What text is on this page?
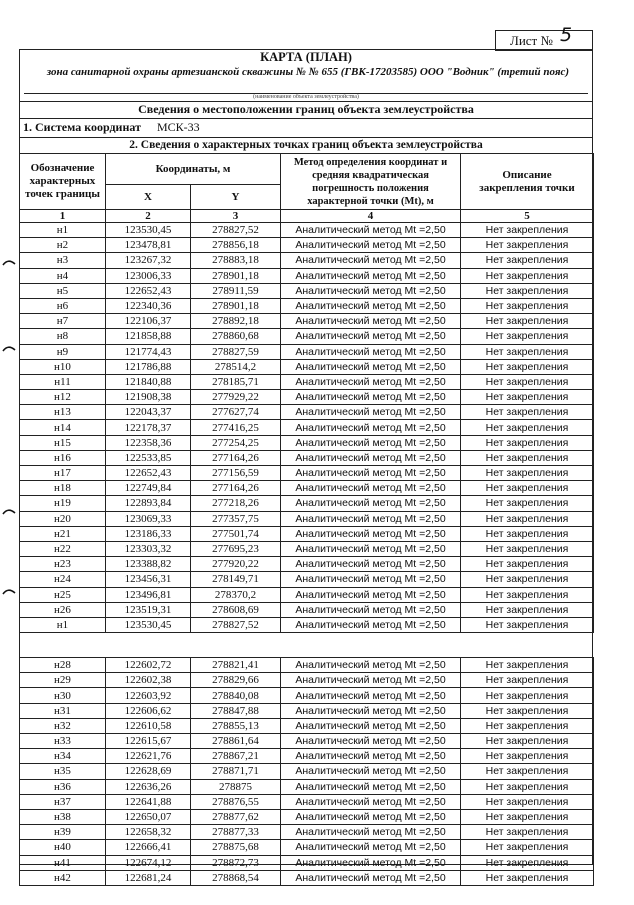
Лист № 5
КАРТА (ПЛАН)
зона санитарной охраны артезианской скважины № № 655 (ГВК-17203585) ООО "Водник" (третий пояс)
(наименование объекта землеустройства)
Сведения о местоположении границ объекта землеустройства
1. Система координат МСК-33
2. Сведения о характерных точках границ объекта землеустройства
Обозначение характерных точек границы	Координаты, м		Метод определения координат и средняя квадратическая погрешность положения характерной точки (Mt), м	Описание закрепления точки
	X	Y		
1	2	3	4	5
н1	123530,45	278827,52	Аналитический метод Mt =2,50	Нет закрепления
н2	123478,81	278856,18	Аналитический метод Mt =2,50	Нет закрепления
н3	123267,32	278883,18	Аналитический метод Mt =2,50	Нет закрепления
н4	123006,33	278901,18	Аналитический метод Mt =2,50	Нет закрепления
н5	122652,43	278911,59	Аналитический метод Mt =2,50	Нет закрепления
н6	122340,36	278901,18	Аналитический метод Mt =2,50	Нет закрепления
н7	122106,37	278892,18	Аналитический метод Mt =2,50	Нет закрепления
н8	121858,88	278860,68	Аналитический метод Mt =2,50	Нет закрепления
н9	121774,43	278827,59	Аналитический метод Mt =2,50	Нет закрепления
н10	121786,88	278514,2	Аналитический метод Mt =2,50	Нет закрепления
н11	121840,88	278185,71	Аналитический метод Mt =2,50	Нет закрепления
н12	121908,38	277929,22	Аналитический метод Mt =2,50	Нет закрепления
н13	122043,37	277627,74	Аналитический метод Mt =2,50	Нет закрепления
н14	122178,37	277416,25	Аналитический метод Mt =2,50	Нет закрепления
н15	122358,36	277254,25	Аналитический метод Mt =2,50	Нет закрепления
н16	122533,85	277164,26	Аналитический метод Mt =2,50	Нет закрепления
н17	122652,43	277156,59	Аналитический метод Mt =2,50	Нет закрепления
н18	122749,84	277164,26	Аналитический метод Mt =2,50	Нет закрепления
н19	122893,84	277218,26	Аналитический метод Mt =2,50	Нет закрепления
н20	123069,33	277357,75	Аналитический метод Mt =2,50	Нет закрепления
н21	123186,33	277501,74	Аналитический метод Mt =2,50	Нет закрепления
н22	123303,32	277695,23	Аналитический метод Mt =2,50	Нет закрепления
н23	123388,82	277920,22	Аналитический метод Mt =2,50	Нет закрепления
н24	123456,31	278149,71	Аналитический метод Mt =2,50	Нет закрепления
н25	123496,81	278370,2	Аналитический метод Mt =2,50	Нет закрепления
н26	123519,31	278608,69	Аналитический метод Mt =2,50	Нет закрепления
н1	123530,45	278827,52	Аналитический метод Mt =2,50	Нет закрепления

н28	122602,72	278821,41	Аналитический метод Mt =2,50	Нет закрепления
н29	122602,38	278829,66	Аналитический метод Mt =2,50	Нет закрепления
н30	122603,92	278840,08	Аналитический метод Mt =2,50	Нет закрепления
н31	122606,62	278847,88	Аналитический метод Mt =2,50	Нет закрепления
н32	122610,58	278855,13	Аналитический метод Mt =2,50	Нет закрепления
н33	122615,67	278861,64	Аналитический метод Mt =2,50	Нет закрепления
н34	122621,76	278867,21	Аналитический метод Mt =2,50	Нет закрепления
н35	122628,69	278871,71	Аналитический метод Mt =2,50	Нет закрепления
н36	122636,26	278875	Аналитический метод Mt =2,50	Нет закрепления
н37	122641,88	278876,55	Аналитический метод Mt =2,50	Нет закрепления
н38	122650,07	278877,62	Аналитический метод Mt =2,50	Нет закрепления
н39	122658,32	278877,33	Аналитический метод Mt =2,50	Нет закрепления
н40	122666,41	278875,68	Аналитический метод Mt =2,50	Нет закрепления
н41	122674,12	278872,73	Аналитический метод Mt =2,50	Нет закрепления
н42	122681,24	278868,54	Аналитический метод Mt =2,50	Нет закрепления
